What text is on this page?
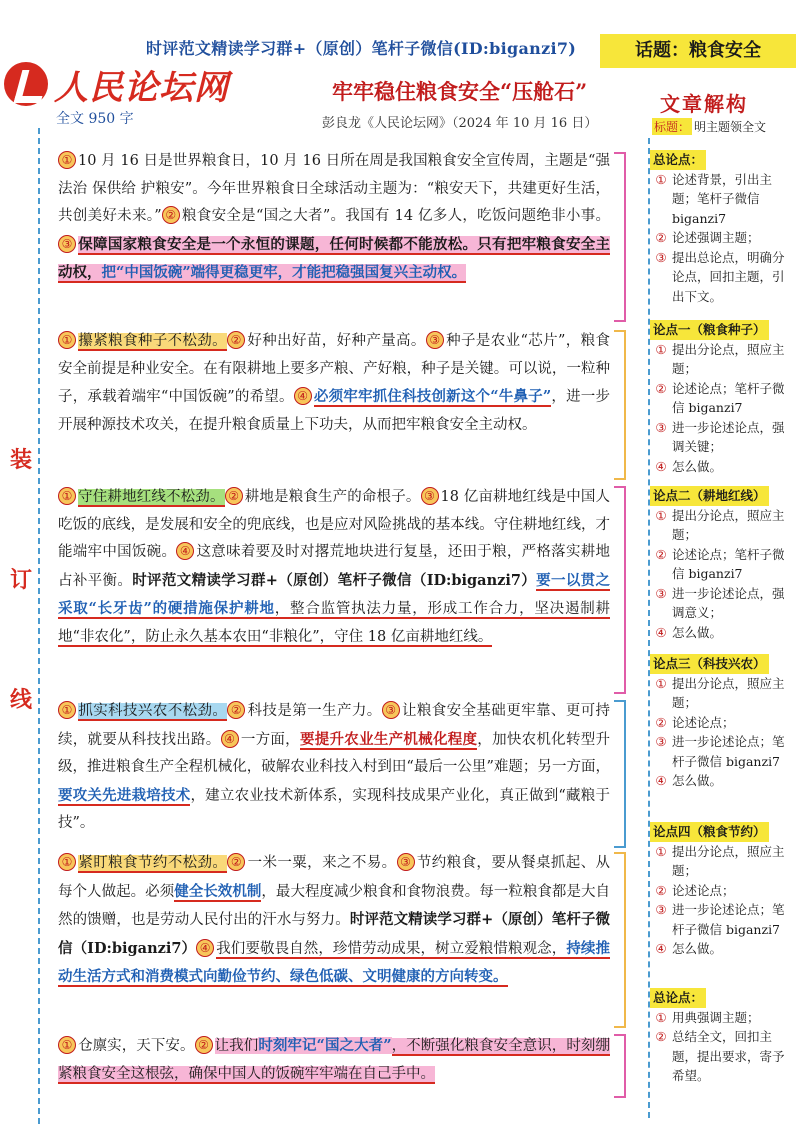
时评范文精读学习群+（原创）笔杆子微信(ID:biganzi7)	话题：粮食安全
人民论坛网
全文 950 字
牢牢稳住粮食安全“压舱石”
彭良龙《人民论坛网》（2024 年 10 月 16 日）
文章解构
标题： 明主题领全文
装订线
① 10 月 16 日是世界粮食日，10 月 16 日所在周是我国粮食安全宣传周，主题是“强法治 保供给 护粮安”。今年世界粮食日全球活动主题为：“粮安天下，共建更好生活，共创美好未来。” ② 粮食安全是“国之大者”。我国有 14 亿多人，吃饭问题绝非小事。③ 保障国家粮食安全是一个永恒的课题，任何时候都不能放松。只有把牢粮食安全主动权，把“中国饭碗”端得更稳更牢，才能把稳强国复兴主动权。
① 攥紧粮食种子不松劲。 ② 好种出好苗，好种产量高。 ③ 种子是农业“芯片”，粮食安全前提是种业安全。在有限耕地上要多产粮、产好粮，种子是关键。可以说，一粒种子，承载着端牢“中国饭碗”的希望。 ④ 必须牢牢抓住科技创新这个“牛鼻子”，进一步开展种源技术攻关，在提升粮食质量上下功夫，从而把牢粮食安全主动权。
① 守住耕地红线不松劲。 ② 耕地是粮食生产的命根子。 ③ 18 亿亩耕地红线是中国人吃饭的底线，是发展和安全的兜底线，也是应对风险挑战的基本线。守住耕地红线，才能端牢中国饭碗。 ④ 这意味着要及时对撂荒地块进行复垦，还田于粮，严格落实耕地占补平衡。时评范文精读学习群+（原创）笔杆子微信（ID:biganzi7）要一以贯之采取“长牙齿”的硬措施保护耕地，整合监管执法力量，形成工作合力，坚决遏制耕地“非农化”，防止永久基本农田“非粮化”，守住 18 亿亩耕地红线。
① 抓实科技兴农不松劲。 ② 科技是第一生产力。 ③ 让粮食安全基础更牢靠、更可持续，就要从科技找出路。 ④ 一方面，要提升农业生产机械化程度，加快农机化转型升级，推进粮食生产全程机械化，破解农业科技入村到田“最后一公里”难题；另一方面，要攻关先进栽培技术，建立农业技术新体系，实现科技成果产业化，真正做到“藏粮于技”。
① 紧盯粮食节约不松劲。 ② 一米一粟，来之不易。 ③ 节约粮食，要从餐桌抓起、从每个人做起。必须健全长效机制，最大程度减少粮食和食物浪费。每一粒粮食都是大自然的馈赠，也是劳动人民付出的汗水与努力。时评范文精读学习群+（原创）笔杆子微信（ID:biganzi7） ④ 我们要敬畏自然，珍惜劳动成果，树立爱粮惜粮观念，持续推动生活方式和消费模式向勤俭节约、绿色低碳、文明健康的方向转变。
① 仓廪实，天下安。 ② 让我们时刻牢记“国之大者”，不断强化粮食安全意识，时刻绷紧粮食安全这根弦，确保中国人的饭碗牢牢端在自己手中。
总论点：
① 论述背景，引出主题；笔杆子微信 biganzi7
② 论述强调主题；
③ 提出总论点，明确分论点，回扣主题，引出下文。
论点一（粮食种子）
① 提出分论点，照应主题；
② 论述论点；笔杆子微信 biganzi7
③ 进一步论述论点，强调关键；
④ 怎么做。
论点二（耕地红线）
① 提出分论点，照应主题；
② 论述论点；笔杆子微信 biganzi7
③ 进一步论述论点，强调意义；
④ 怎么做。
论点三（科技兴农）
① 提出分论点，照应主题；
② 论述论点；
③ 进一步论述论点；笔杆子微信 biganzi7
④ 怎么做。
论点四（粮食节约）
① 提出分论点，照应主题；
② 论述论点；
③ 进一步论述论点；笔杆子微信 biganzi7
④ 怎么做。
总论点：
① 用典强调主题；
② 总结全文，回扣主题，提出要求，寄予希望。
